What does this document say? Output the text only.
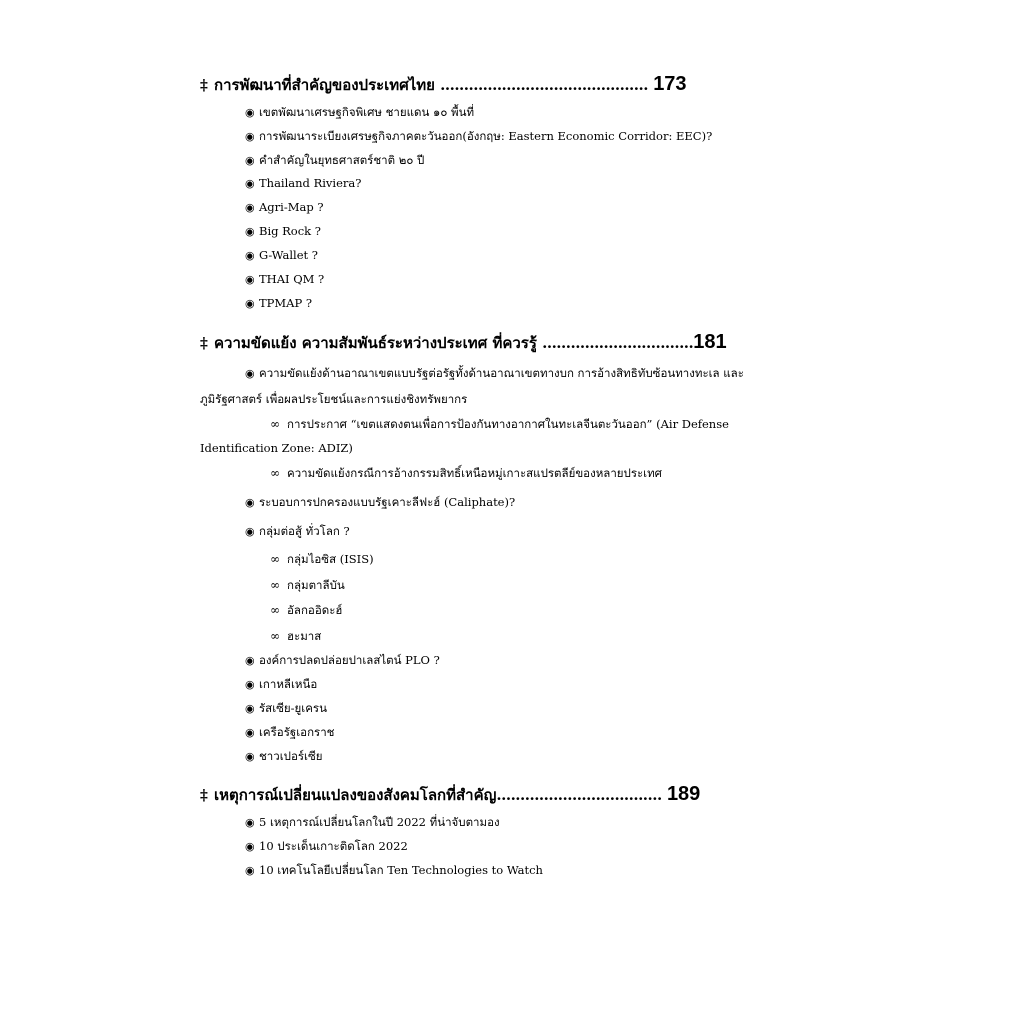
‡ การพัฒนาที่สำคัญของประเทศไทย ............................................ 173
◉ เขตพัฒนาเศรษฐกิจพิเศษ ชายแดน ๑๐ พื้นที่
◉ การพัฒนาระเบียงเศรษฐกิจภาคตะวันออก(อังกฤษ: Eastern Economic Corridor: EEC)?
◉ คำสำคัญในยุทธศาสตร์ชาติ ๒๐ ปี
◉ Thailand Riviera?
◉ Agri-Map ?
◉ Big Rock ?
◉ G-Wallet ?
◉ THAI QM ?
◉ TPMAP ?
‡ ความขัดแย้ง ความสัมพันธ์ระหว่างประเทศ ที่ควรรู้ ................................181
◉ ความขัดแย้งด้านอาณาเขตแบบรัฐต่อรัฐทั้งด้านอาณาเขตทางบก การอ้างสิทธิทับซ้อนทางทะเล และ
ภูมิรัฐศาสตร์ เพื่อผลประโยชน์และการแย่งชิงทรัพยากร
∞ การประกาศ “เขตแสดงตนเพื่อการป้องกันทางอากาศในทะเลจีนตะวันออก” (Air Defense
Identification Zone: ADIZ)
∞ ความขัดแย้งกรณีการอ้างกรรมสิทธิ์เหนือหมู่เกาะสแปรตลีย์ของหลายประเทศ
◉ ระบอบการปกครองแบบรัฐเคาะลีฟะฮ์ (Caliphate)?
◉ กลุ่มต่อสู้ ทั่วโลก ?
∞ กลุ่มไอซิส (ISIS)
∞ กลุ่มตาลีบัน
∞ อัลกออิดะฮ์
∞ ฮะมาส
◉ องค์การปลดปล่อยปาเลสไตน์ PLO ?
◉ เกาหลีเหนือ
◉ รัสเซีย-ยูเครน
◉ เครือรัฐเอกราช
◉ ชาวเปอร์เซีย
‡ เหตุการณ์เปลี่ยนแปลงของสังคมโลกที่สำคัญ................................... 189
◉ 5 เหตุการณ์เปลี่ยนโลกในปี 2022 ที่น่าจับตามอง
◉ 10 ประเด็นเกาะติดโลก 2022
◉ 10 เทคโนโลยีเปลี่ยนโลก Ten Technologies to Watch
